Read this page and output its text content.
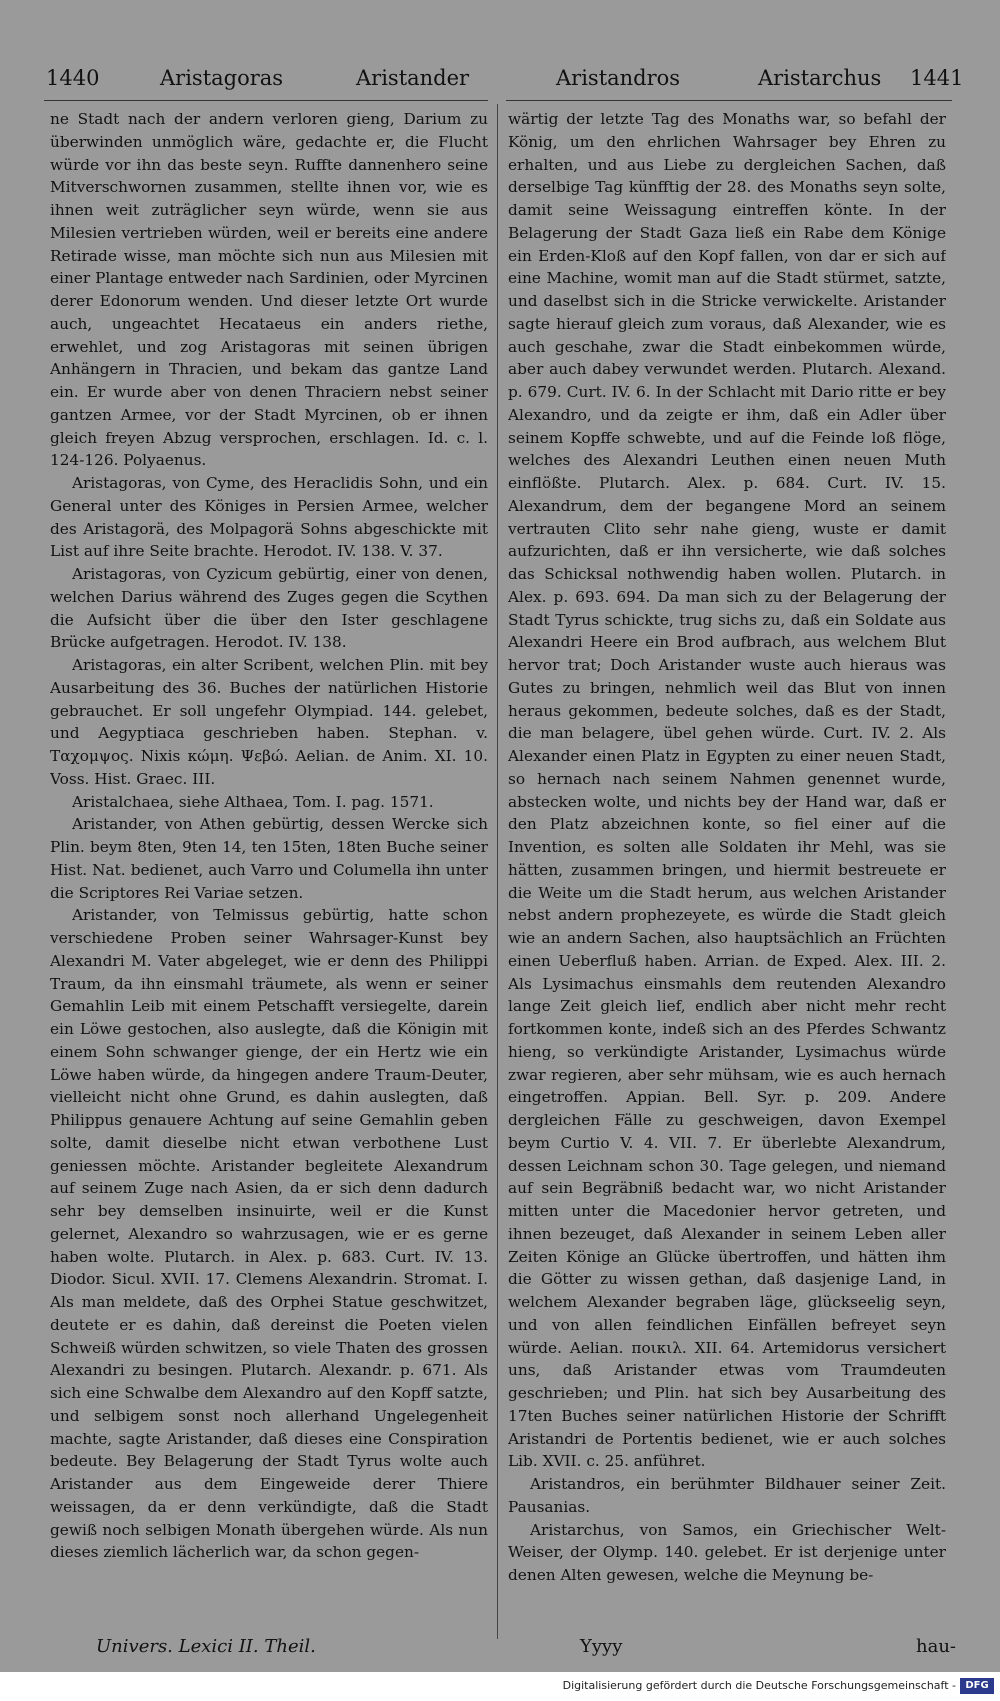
1440	Aristagoras	Aristander	Aristandros	Aristarchus 1441

ne Stadt nach der andern verloren gieng, Darium zu überwinden unmöglich wäre, gedachte er, die Flucht würde vor ihn das beste seyn. Ruffte dannenhero seine Mitverschwornen zusammen, stellte ihnen vor, wie es ihnen weit zuträglicher seyn würde, wenn sie aus Milesien vertrieben würden, weil er bereits eine andere Retirade wisse, man möchte sich nun aus Milesien mit einer Plantage entweder nach Sardinien, oder Myrcinen derer Edonorum wenden. Und dieser letzte Ort wurde auch, ungeachtet Hecataeus ein anders riethe, erwehlet, und zog Aristagoras mit seinen übrigen Anhängern in Thracien, und bekam das gantze Land ein. Er wurde aber von denen Thraciern nebst seiner gantzen Armee, vor der Stadt Myrcinen, ob er ihnen gleich freyen Abzug versprochen, erschlagen. Id. c. l. 124-126. Polyaenus.

Aristagoras, von Cyme, des Heraclidis Sohn, und ein General unter des Königes in Persien Armee, welcher des Aristagorä, des Molpagorä Sohns abgeschickte mit List auf ihre Seite brachte. Herodot. IV. 138. V. 37.

Aristagoras, von Cyzicum gebürtig, einer von denen, welchen Darius während des Zuges gegen die Scythen die Aufsicht über die über den Ister geschlagene Brücke aufgetragen. Herodot. IV. 138.

Aristagoras, ein alter Scribent, welchen Plin. mit bey Ausarbeitung des 36. Buches der natürlichen Historie gebrauchet. Er soll ungefehr Olympiad. 144. gelebet, und Aegyptiaca geschrieben haben. Stephan. v. Ταχομψος. Nixis κώμη. Ψεβώ. Aelian. de Anim. XI. 10. Voss. Hist. Graec. III.

Aristalchaea, siehe Althaea, Tom. I. pag. 1571.

Aristander, von Athen gebürtig, dessen Wercke sich Plin. beym 8ten, 9ten 14, ten 15ten, 18ten Buche seiner Hist. Nat. bedienet, auch Varro und Columella ihn unter die Scriptores Rei Variae setzen.

Aristander, von Telmissus gebürtig, hatte schon verschiedene Proben seiner Wahrsager-Kunst bey Alexandri M. Vater abgeleget, wie er denn des Philippi Traum, da ihn einsmahl träumete, als wenn er seiner Gemahlin Leib mit einem Petschafft versiegelte, darein ein Löwe gestochen, also auslegte, daß die Königin mit einem Sohn schwanger gienge, der ein Hertz wie ein Löwe haben würde, da hingegen andere Traum-Deuter, vielleicht nicht ohne Grund, es dahin auslegten, daß Philippus genauere Achtung auf seine Gemahlin geben solte, damit dieselbe nicht etwan verbothene Lust geniessen möchte. Aristander begleitete Alexandrum auf seinem Zuge nach Asien, da er sich denn dadurch sehr bey demselben insinuirte, weil er die Kunst gelernet, Alexandro so wahrzusagen, wie er es gerne haben wolte. Plutarch. in Alex. p. 683. Curt. IV. 13. Diodor. Sicul. XVII. 17. Clemens Alexandrin. Stromat. I. Als man meldete, daß des Orphei Statue geschwitzet, deutete er es dahin, daß dereinst die Poeten vielen Schweiß würden schwitzen, so viele Thaten des grossen Alexandri zu besingen. Plutarch. Alexandr. p. 671. Als sich eine Schwalbe dem Alexandro auf den Kopff satzte, und selbigem sonst noch allerhand Ungelegenheit machte, sagte Aristander, daß dieses eine Conspiration bedeute. Bey Belagerung der Stadt Tyrus wolte auch Aristander aus dem Eingeweide derer Thiere weissagen, da er denn verkündigte, daß die Stadt gewiß noch selbigen Monath übergehen würde. Als nun dieses ziemlich lächerlich war, da schon gegen-

wärtig der letzte Tag des Monaths war, so befahl der König, um den ehrlichen Wahrsager bey Ehren zu erhalten, und aus Liebe zu dergleichen Sachen, daß derselbige Tag künfftig der 28. des Monaths seyn solte, damit seine Weissagung eintreffen könte. In der Belagerung der Stadt Gaza ließ ein Rabe dem Könige ein Erden-Kloß auf den Kopf fallen, von dar er sich auf eine Machine, womit man auf die Stadt stürmet, satzte, und daselbst sich in die Stricke verwickelte. Aristander sagte hierauf gleich zum voraus, daß Alexander, wie es auch geschahe, zwar die Stadt einbekommen würde, aber auch dabey verwundet werden. Plutarch. Alexand. p. 679. Curt. IV. 6. In der Schlacht mit Dario ritte er bey Alexandro, und da zeigte er ihm, daß ein Adler über seinem Kopffe schwebte, und auf die Feinde loß flöge, welches des Alexandri Leuthen einen neuen Muth einflößte. Plutarch. Alex. p. 684. Curt. IV. 15. Alexandrum, dem der begangene Mord an seinem vertrauten Clito sehr nahe gieng, wuste er damit aufzurichten, daß er ihn versicherte, wie daß solches das Schicksal nothwendig haben wollen. Plutarch. in Alex. p. 693. 694. Da man sich zu der Belagerung der Stadt Tyrus schickte, trug sichs zu, daß ein Soldate aus Alexandri Heere ein Brod aufbrach, aus welchem Blut hervor trat; Doch Aristander wuste auch hieraus was Gutes zu bringen, nehmlich weil das Blut von innen heraus gekommen, bedeute solches, daß es der Stadt, die man belagere, übel gehen würde. Curt. IV. 2. Als Alexander einen Platz in Egypten zu einer neuen Stadt, so hernach nach seinem Nahmen genennet wurde, abstecken wolte, und nichts bey der Hand war, daß er den Platz abzeichnen konte, so fiel einer auf die Invention, es solten alle Soldaten ihr Mehl, was sie hätten, zusammen bringen, und hiermit bestreuete er die Weite um die Stadt herum, aus welchen Aristander nebst andern prophezeyete, es würde die Stadt gleich wie an andern Sachen, also hauptsächlich an Früchten einen Ueberfluß haben. Arrian. de Exped. Alex. III. 2. Als Lysimachus einsmahls dem reutenden Alexandro lange Zeit gleich lief, endlich aber nicht mehr recht fortkommen konte, indeß sich an des Pferdes Schwantz hieng, so verkündigte Aristander, Lysimachus würde zwar regieren, aber sehr mühsam, wie es auch hernach eingetroffen. Appian. Bell. Syr. p. 209. Andere dergleichen Fälle zu geschweigen, davon Exempel beym Curtio V. 4. VII. 7. Er überlebte Alexandrum, dessen Leichnam schon 30. Tage gelegen, und niemand auf sein Begräbniß bedacht war, wo nicht Aristander mitten unter die Macedonier hervor getreten, und ihnen bezeuget, daß Alexander in seinem Leben aller Zeiten Könige an Glücke übertroffen, und hätten ihm die Götter zu wissen gethan, daß dasjenige Land, in welchem Alexander begraben läge, glückseelig seyn, und von allen feindlichen Einfällen befreyet seyn würde. Aelian. ποικιλ. XII. 64. Artemidorus versichert uns, daß Aristander etwas vom Traumdeuten geschrieben; und Plin. hat sich bey Ausarbeitung des 17ten Buches seiner natürlichen Historie der Schrifft Aristandri de Portentis bedienet, wie er auch solches Lib. XVII. c. 25. anführet.

Aristandros, ein berühmter Bildhauer seiner Zeit. Pausanias.

Aristarchus, von Samos, ein Griechischer Welt-Weiser, der Olymp. 140. gelebet. Er ist derjenige unter denen Alten gewesen, welche die Meynung be-

Univers. Lexici II. Theil.	Yyyy	hau-
Digitalisierung gefördert durch die Deutsche Forschungsgemeinschaft - DFG
